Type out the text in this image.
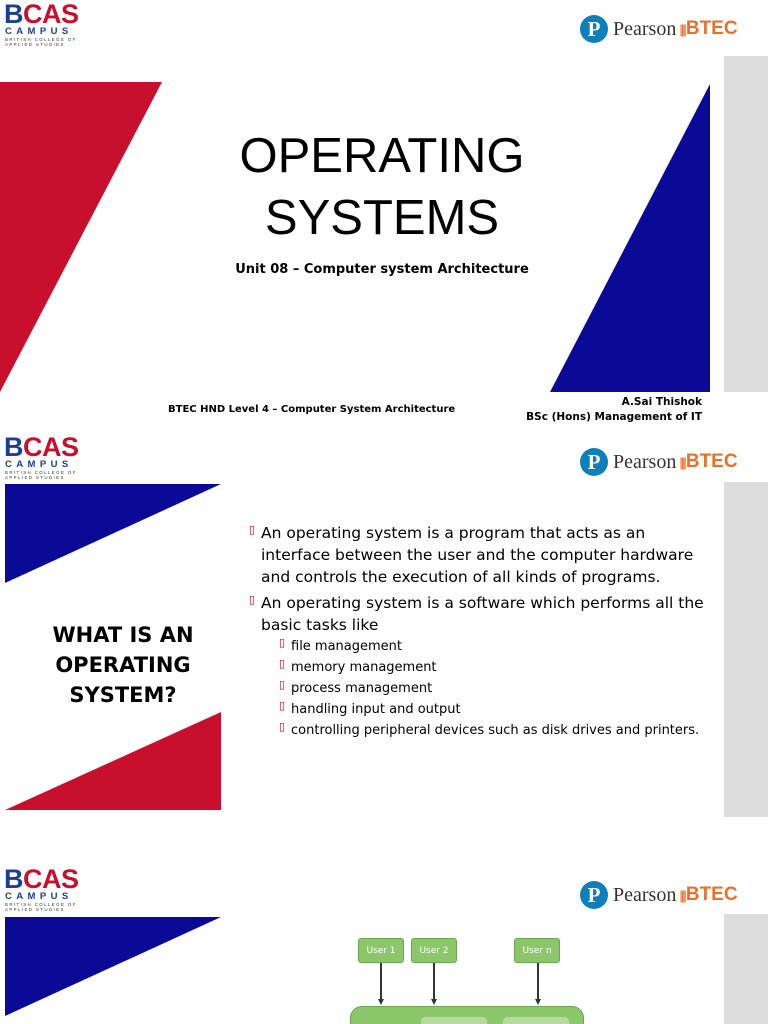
BCAS
CAMPUS
BRITISH COLLEGE OF
APPLIED STUDIES
P Pearson |||| BTEC
OPERATING
SYSTEMS
Unit 08 – Computer system Architecture
BTEC HND Level 4 – Computer System Architecture
A.Sai Thishok
BSc (Hons) Management of IT
BCAS
CAMPUS
BRITISH COLLEGE OF
APPLIED STUDIES
P Pearson |||| BTEC
WHAT IS AN
OPERATING
SYSTEM?
▯ An operating system is a program that acts as an interface between the user and the computer hardware and controls the execution of all kinds of programs.
▯ An operating system is a software which performs all the basic tasks like
▯ file management
▯ memory management
▯ process management
▯ handling input and output
▯ controlling peripheral devices such as disk drives and printers.
BCAS
CAMPUS
BRITISH COLLEGE OF
APPLIED STUDIES
P Pearson |||| BTEC
User 1	User 2	User n
